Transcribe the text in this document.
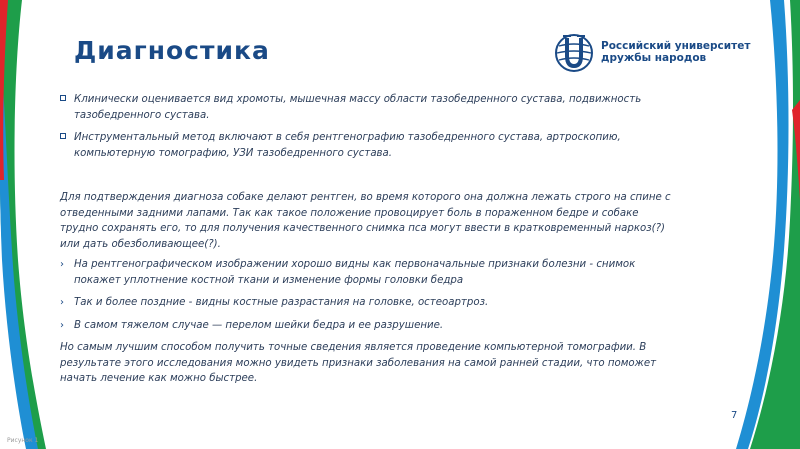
Диагностика	Российский университет
дружбы народов
Клинически оценивается вид хромоты, мышечная массу области тазобедренного сустава, подвижность тазобедренного сустава.
Инструментальный метод включают в себя рентгенографию тазобедренного сустава, артроскопию, компьютерную томографию, УЗИ тазобедренного сустава.
Для подтверждения диагноза собаке делают рентген, во время которого она должна лежать строго на спине с отведенными задними лапами. Так как такое положение провоцирует боль в пораженном бедре и собаке трудно сохранять его, то для получения качественного снимка пса могут ввести в кратковременный наркоз(?) или дать обезболивающее(?).
› На рентгенографическом изображении хорошо видны как первоначальные признаки болезни - снимок покажет уплотнение костной ткани и изменение формы головки бедра
› Так и более поздние - видны костные разрастания на головке, остеоартроз.
› В самом тяжелом случае — перелом шейки бедра и ее разрушение.
Но самым лучшим способом получить точные сведения является проведение компьютерной томографии. В результате этого исследования можно увидеть признаки заболевания на самой ранней стадии, что поможет начать лечение как можно быстрее.
7
Рисунок 1
